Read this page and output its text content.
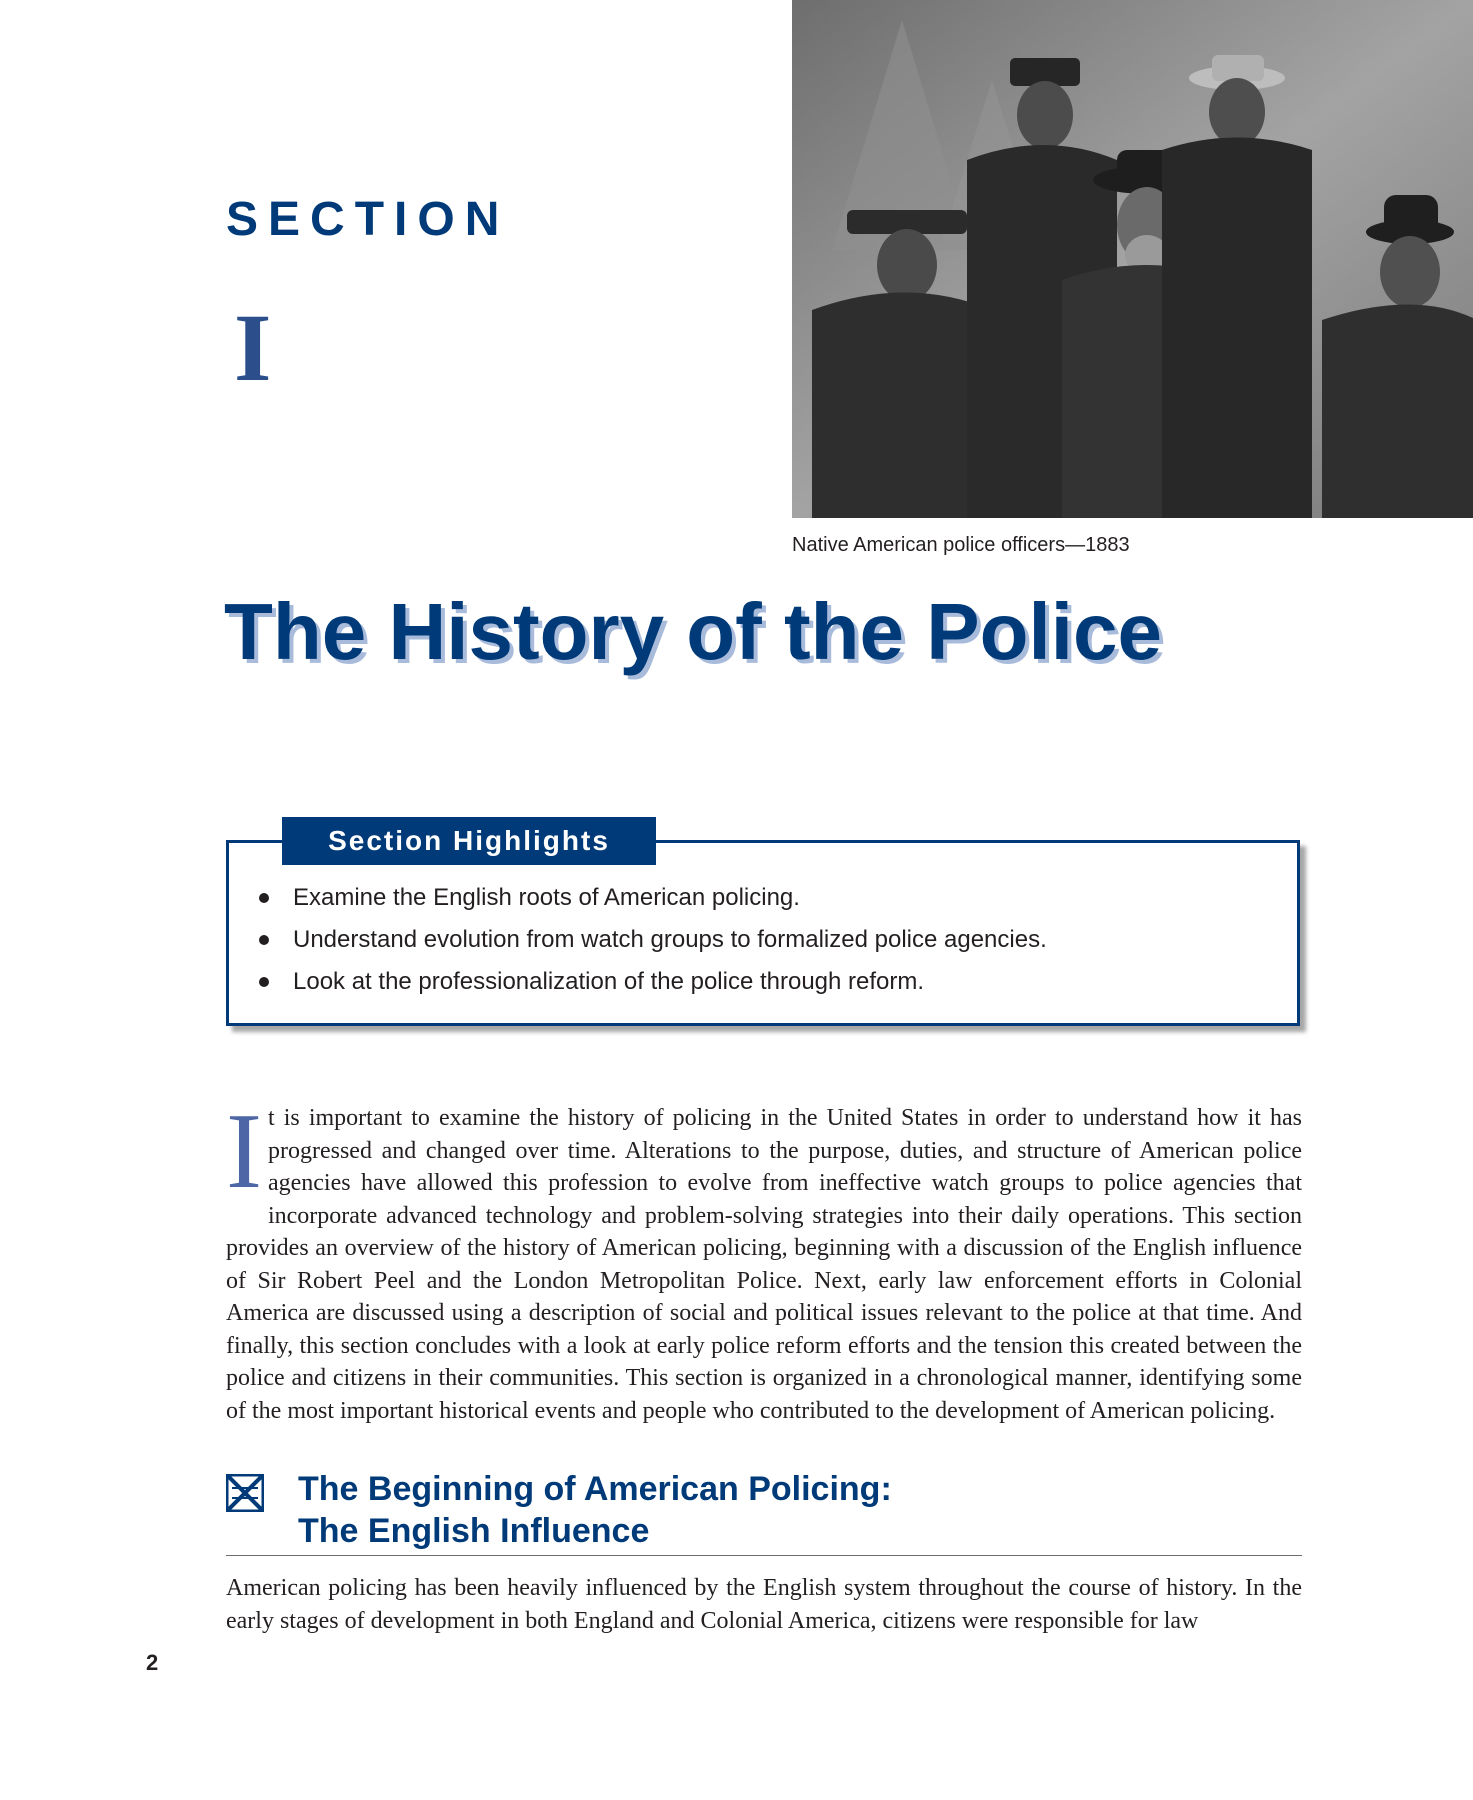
SECTION
I
Native American police officers—1883
The History of the Police
Examine the English roots of American policing.
Understand evolution from watch groups to formalized police agencies.
Look at the professionalization of the police through reform.
Section Highlights

It is important to examine the history of policing in the United States in order to understand how it has progressed and changed over time. Alterations to the purpose, duties, and structure of American police agencies have allowed this profession to evolve from ineffective watch groups to police agencies that incorporate advanced technology and problem-solving strategies into their daily operations. This section provides an overview of the history of American policing, beginning with a discussion of the English influence of Sir Robert Peel and the London Metropolitan Police. Next, early law enforcement efforts in Colonial America are discussed using a description of social and political issues relevant to the police at that time. And finally, this section concludes with a look at early police reform efforts and the tension this created between the police and citizens in their communities. This section is organized in a chronological manner, identifying some of the most important historical events and people who contributed to the development of American policing.

The Beginning of American Policing:
The English Influence

American policing has been heavily influenced by the English system throughout the course of history. In the early stages of development in both England and Colonial America, citizens were responsible for law

2
